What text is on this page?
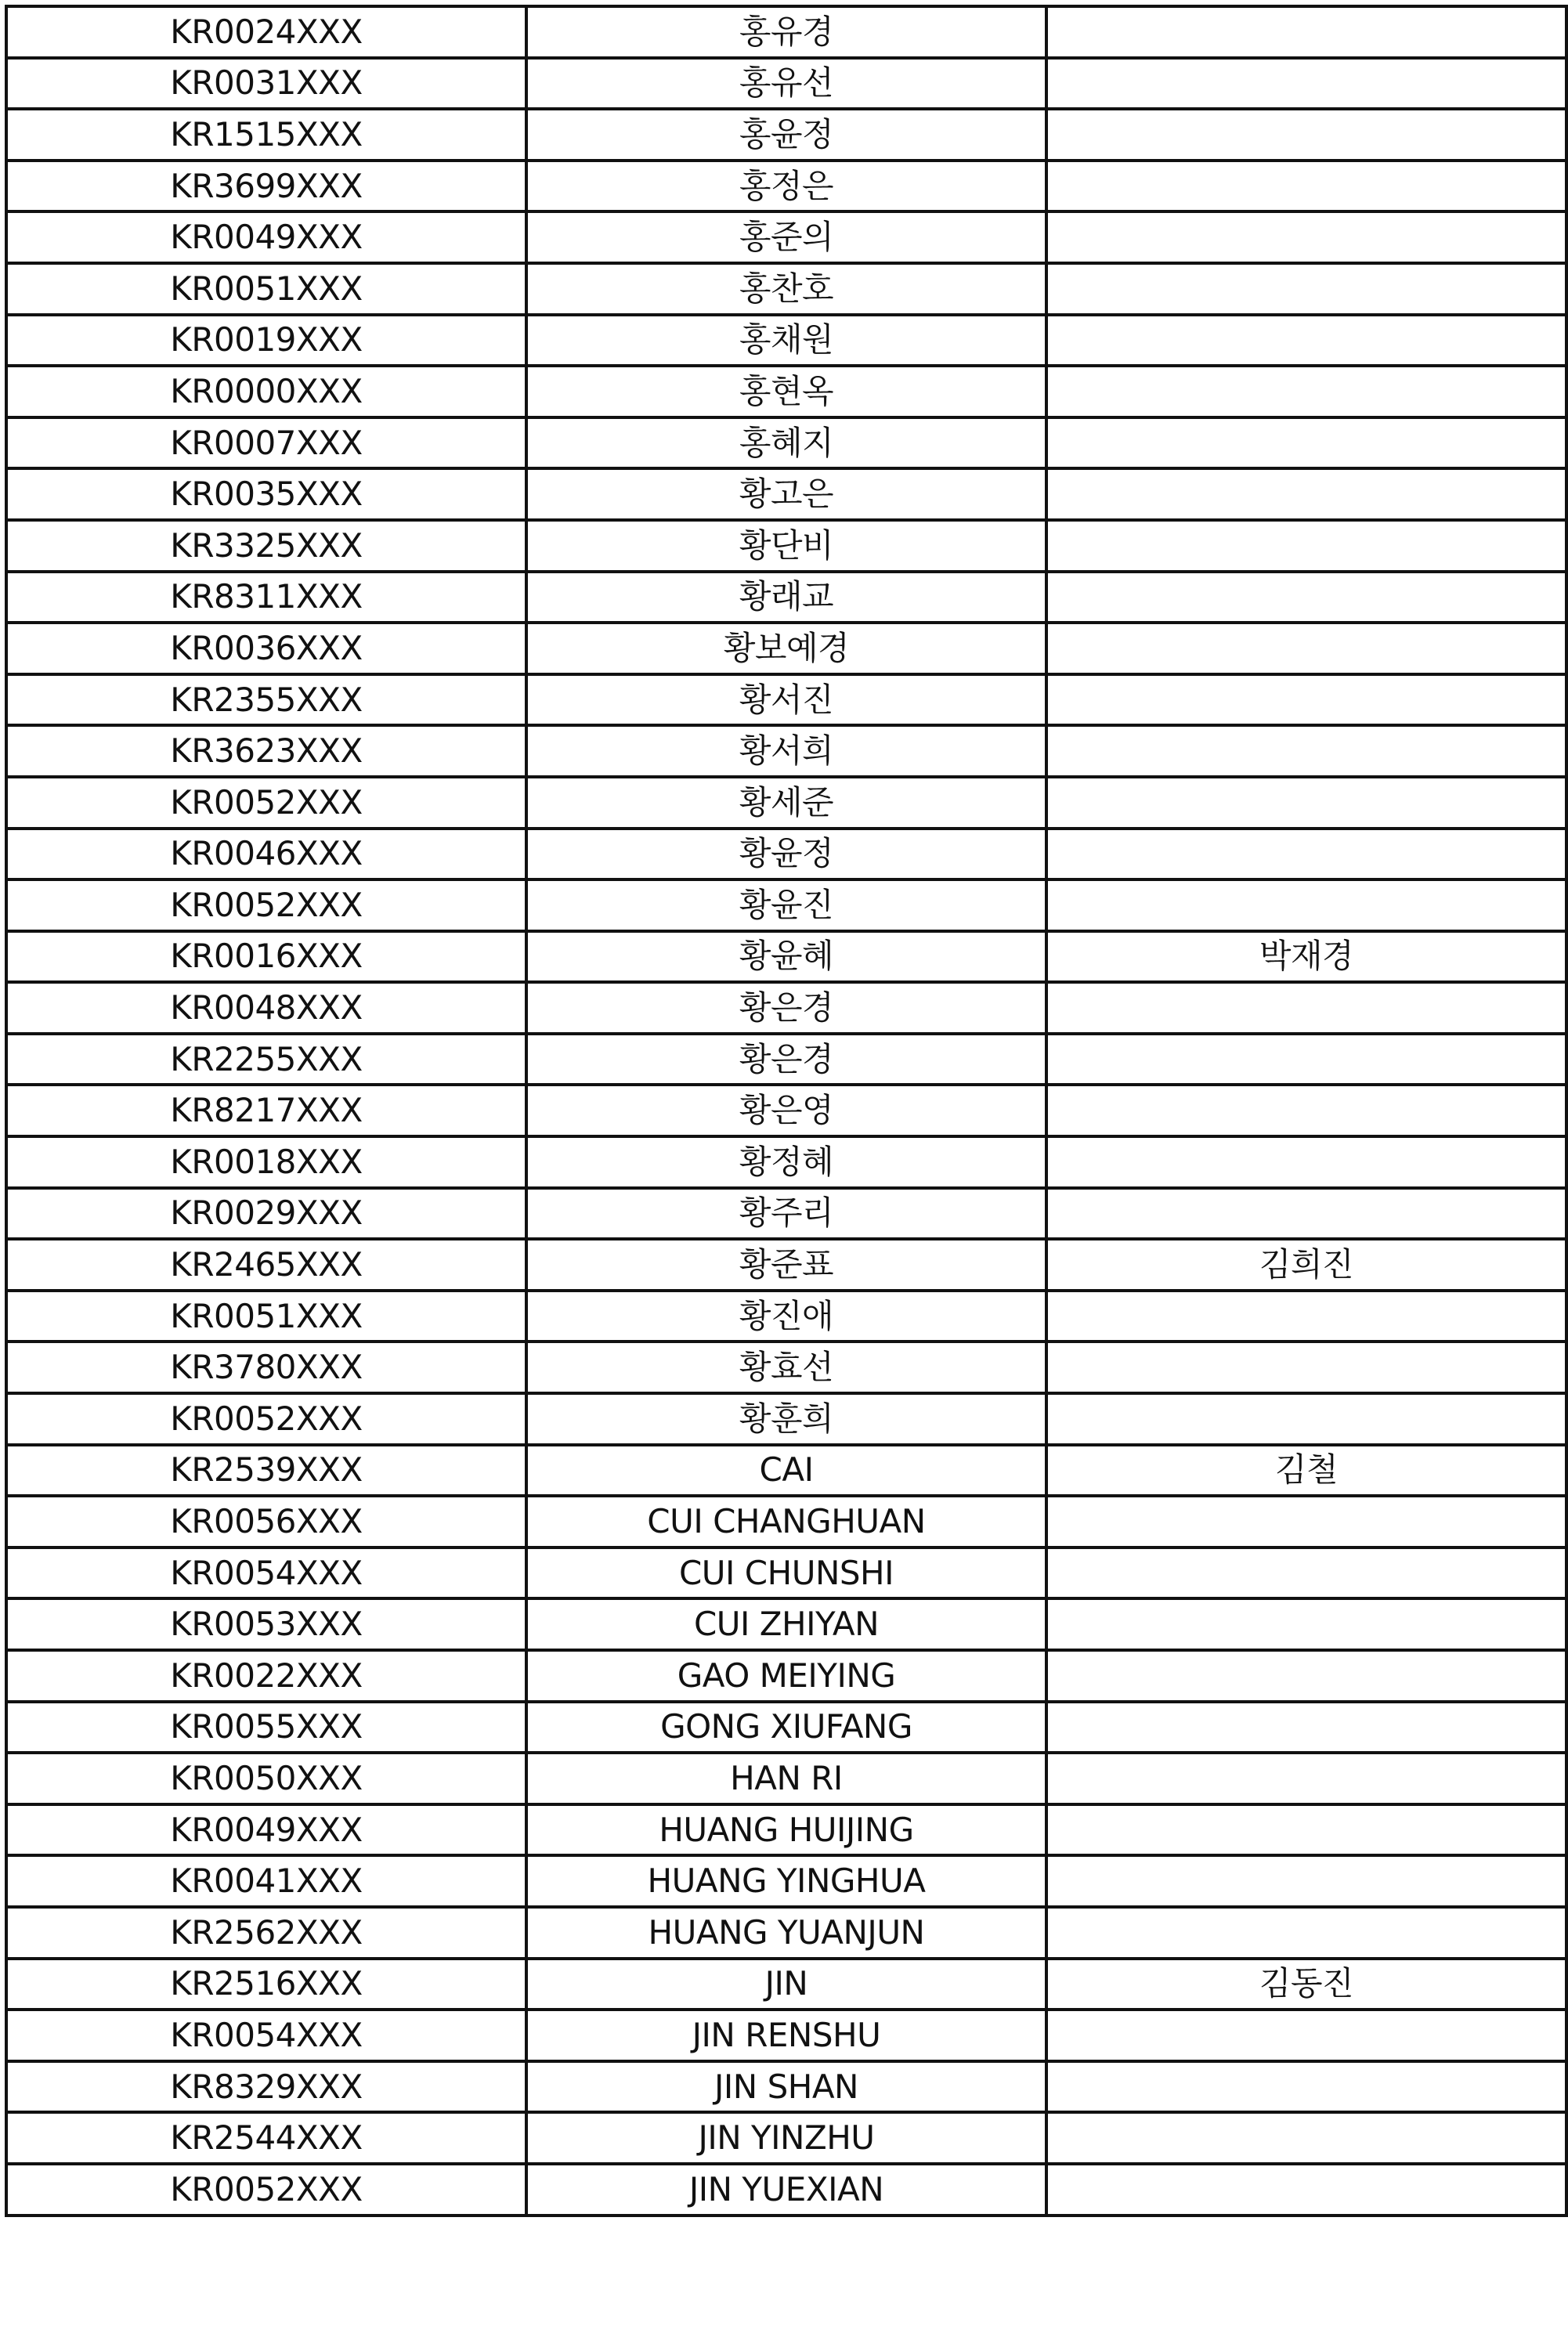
KR0024XXX	홍유경	
KR0031XXX	홍유선	
KR1515XXX	홍윤정	
KR3699XXX	홍정은	
KR0049XXX	홍준의	
KR0051XXX	홍찬호	
KR0019XXX	홍채원	
KR0000XXX	홍현옥	
KR0007XXX	홍혜지	
KR0035XXX	황고은	
KR3325XXX	황단비	
KR8311XXX	황래교	
KR0036XXX	황보예경	
KR2355XXX	황서진	
KR3623XXX	황서희	
KR0052XXX	황세준	
KR0046XXX	황윤정	
KR0052XXX	황윤진	
KR0016XXX	황윤혜	박재경
KR0048XXX	황은경	
KR2255XXX	황은경	
KR8217XXX	황은영	
KR0018XXX	황정혜	
KR0029XXX	황주리	
KR2465XXX	황준표	김희진
KR0051XXX	황진애	
KR3780XXX	황효선	
KR0052XXX	황훈희	
KR2539XXX	CAI	김철
KR0056XXX	CUI CHANGHUAN	
KR0054XXX	CUI CHUNSHI	
KR0053XXX	CUI ZHIYAN	
KR0022XXX	GAO MEIYING	
KR0055XXX	GONG XIUFANG	
KR0050XXX	HAN RI	
KR0049XXX	HUANG HUIJING	
KR0041XXX	HUANG YINGHUA	
KR2562XXX	HUANG YUANJUN	
KR2516XXX	JIN	김동진
KR0054XXX	JIN RENSHU	
KR8329XXX	JIN SHAN	
KR2544XXX	JIN YINZHU	
KR0052XXX	JIN YUEXIAN	
